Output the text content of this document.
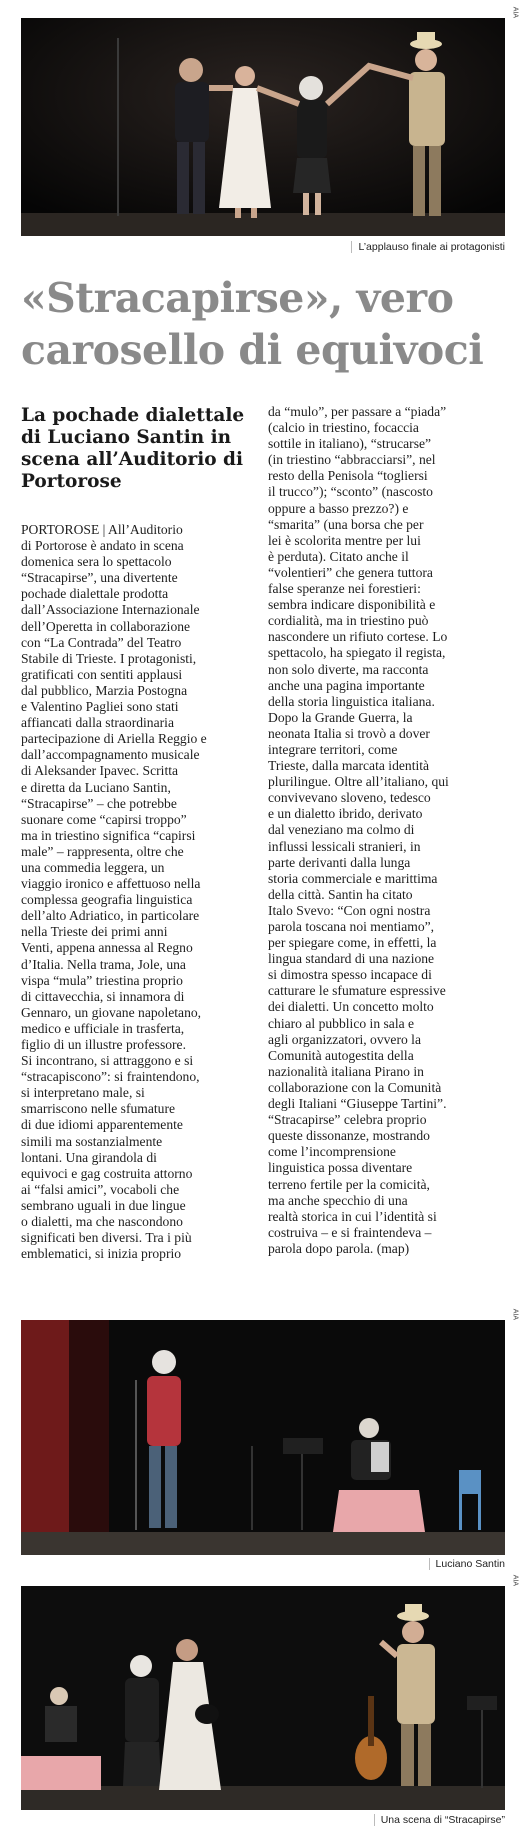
AIA
L’applauso finale ai protagonisti
«Stracapirse», vero carosello di equivoci
La pochade dialettale di Luciano Santin in scena all’Auditorio di Portorose

PORTOROSE | All’Auditorio
di Portorose è andato in scena
domenica sera lo spettacolo
“Stracapirse”, una divertente
pochade dialettale prodotta
dall’Associazione Internazionale
dell’Operetta in collaborazione
con “La Contrada” del Teatro
Stabile di Trieste. I protagonisti,
gratificati con sentiti applausi
dal pubblico, Marzia Postogna
e Valentino Pagliei sono stati
affiancati dalla straordinaria
partecipazione di Ariella Reggio e
dall’accompagnamento musicale
di Aleksander Ipavec. Scritta
e diretta da Luciano Santin,
“Stracapirse” – che potrebbe
suonare come “capirsi troppo”
ma in triestino significa “capirsi
male” – rappresenta, oltre che
una commedia leggera, un
viaggio ironico e affettuoso nella
complessa geografia linguistica
dell’alto Adriatico, in particolare
nella Trieste dei primi anni
Venti, appena annessa al Regno
d’Italia. Nella trama, Jole, una
vispa “mula” triestina proprio
di cittavecchia, si innamora di
Gennaro, un giovane napoletano,
medico e ufficiale in trasferta,
figlio di un illustre professore.
Si incontrano, si attraggono e si
“stracapiscono”: si fraintendono,
si interpretano male, si
smarriscono nelle sfumature
di due idiomi apparentemente
simili ma sostanzialmente
lontani. Una girandola di
equivoci e gag costruita attorno
ai “falsi amici”, vocaboli che
sembrano uguali in due lingue
o dialetti, ma che nascondono
significati ben diversi. Tra i più
emblematici, si inizia proprio

da “mulo”, per passare a “piada”
(calcio in triestino, focaccia
sottile in italiano), “strucarse”
(in triestino “abbracciarsi”, nel
resto della Penisola “togliersi
il trucco”); “sconto” (nascosto
oppure a basso prezzo?) e
“smarita” (una borsa che per
lei è scolorita mentre per lui
è perduta). Citato anche il
“volentieri” che genera tuttora
false speranze nei forestieri:
sembra indicare disponibilità e
cordialità, ma in triestino può
nascondere un rifiuto cortese. Lo
spettacolo, ha spiegato il regista,
non solo diverte, ma racconta
anche una pagina importante
della storia linguistica italiana.
Dopo la Grande Guerra, la
neonata Italia si trovò a dover
integrare territori, come
Trieste, dalla marcata identità
plurilingue. Oltre all’italiano, qui
convivevano sloveno, tedesco
e un dialetto ibrido, derivato
dal veneziano ma colmo di
influssi lessicali stranieri, in
parte derivanti dalla lunga
storia commerciale e marittima
della città. Santin ha citato
Italo Svevo: “Con ogni nostra
parola toscana noi mentiamo”,
per spiegare come, in effetti, la
lingua standard di una nazione
si dimostra spesso incapace di
catturare le sfumature espressive
dei dialetti. Un concetto molto
chiaro al pubblico in sala e
agli organizzatori, ovvero la
Comunità autogestita della
nazionalità italiana Pirano in
collaborazione con la Comunità
degli Italiani “Giuseppe Tartini”.
“Stracapirse” celebra proprio
queste dissonanze, mostrando
come l’incomprensione
linguistica possa diventare
terreno fertile per la comicità,
ma anche specchio di una
realtà storica in cui l’identità si
costruiva – e si fraintendeva –
parola dopo parola. (map)

AIA
Luciano Santin
AIA
Una scena di “Stracapirse”
